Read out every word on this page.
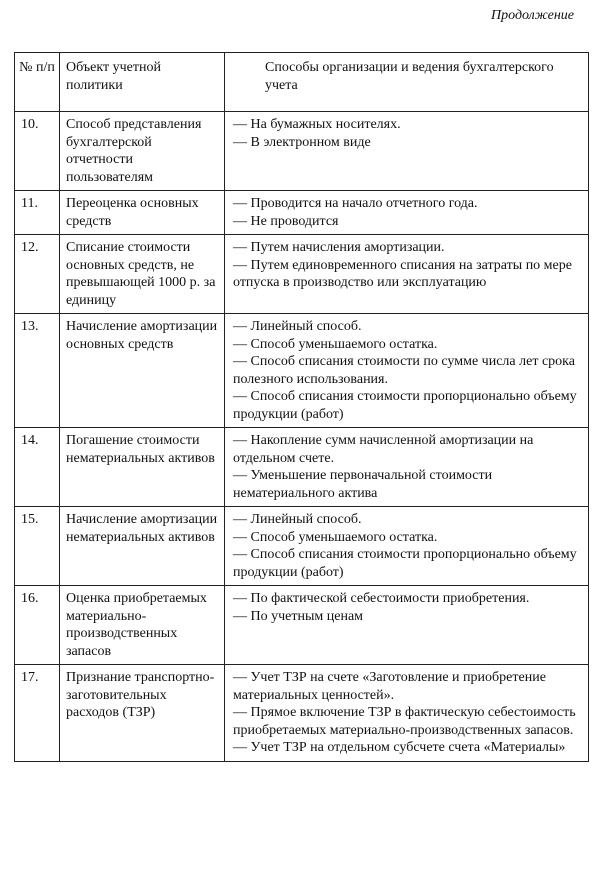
Продолжение
№ п/п	Объект учетной политики	Способы организации и ведения бухгалтерского учета
10.	Способ представления бухгалтерской отчетности пользователям	— На бумажных носителях.
— В электронном виде

11.	Переоценка основных средств	— Проводится на начало отчетного года.
— Не проводится

12.	Списание стоимости основных средств, не превышающей 1000 р. за единицу	— Путем начисления амортизации.
— Путем единовременного списания на затраты по мере отпуска в производство или эксплуатацию

13.	Начисление амортизации основных средств	— Линейный способ.
— Способ уменьшаемого остатка.
— Способ списания стоимости по сумме числа лет срока полезного использования.
— Способ списания стоимости пропорционально объему продукции (работ)

14.	Погашение стоимости нематериальных активов	— Накопление сумм начисленной амортизации на отдельном счете.
— Уменьшение первоначальной стоимости нематериального актива

15.	Начисление амортизации нематериальных активов	— Линейный способ.
— Способ уменьшаемого остатка.
— Способ списания стоимости пропорционально объему продукции (работ)

16.	Оценка приобретаемых материально-производственных запасов	— По фактической себестоимости приобретения.
— По учетным ценам

17.	Признание транспортно-заготовительных расходов (ТЗР)	— Учет ТЗР на счете «Заготовление и приобретение материальных ценностей».
— Прямое включение ТЗР в фактическую себестоимость приобретаемых материально-производственных запасов.
— Учет ТЗР на отдельном субсчете счета «Материалы»
